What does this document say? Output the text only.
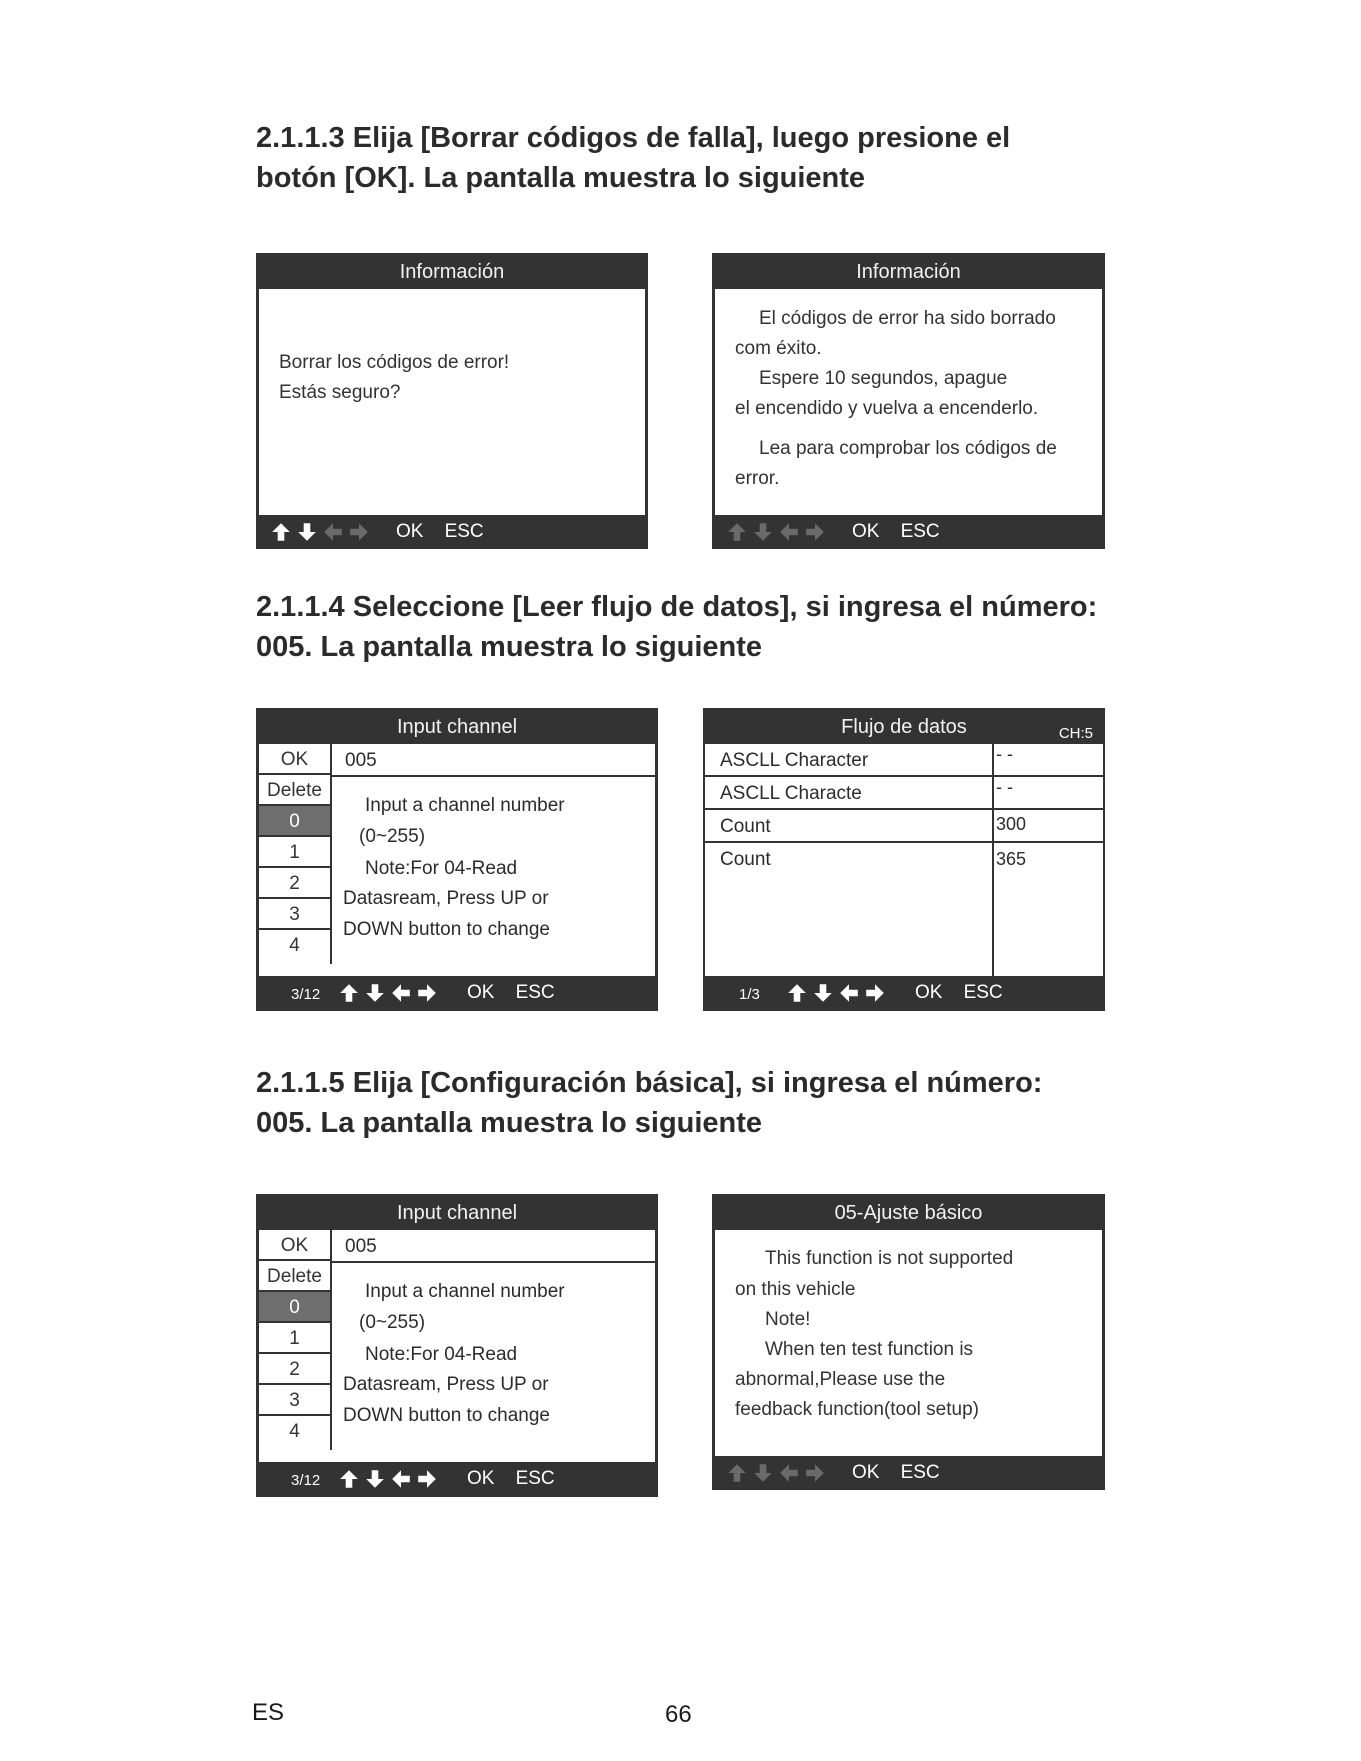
2.1.1.3 Elija [Borrar códigos de falla], luego presione el
botón [OK]. La pantalla muestra lo siguiente
Información

Borrar los códigos de error!

Estás seguro?

OK    ESC
Información

El códigos de error ha sido borrado

com éxito.

Espere 10 segundos, apague

el encendido y vuelva a encenderlo.

Lea para comprobar los códigos de

error.

OK    ESC
2.1.1.4 Seleccione [Leer flujo de datos], si ingresa el número:
005. La pantalla muestra lo siguiente
Input channel
OK
Delete
0
1
2
3
4
005
Input a channel number
(0~255)
Note:For 04-Read
Datasream, Press UP or
DOWN button to change
3/12	OK    ESC
Flujo de datos	CH:5
ASCLL Character	- -
ASCLL Characte	- -
Count	300
Count	365
1/3	OK    ESC
2.1.1.5 Elija [Configuración básica], si ingresa el número:
005. La pantalla muestra lo siguiente
Input channel
OK
Delete
0
1
2
3
4
005
Input a channel number
(0~255)
Note:For 04-Read
Datasream, Press UP or
DOWN button to change
3/12	OK    ESC
05-Ajuste básico

This function is not supported

on this vehicle

Note!

When ten test function is

abnormal,Please use the

feedback function(tool setup)

OK    ESC
ES	66
